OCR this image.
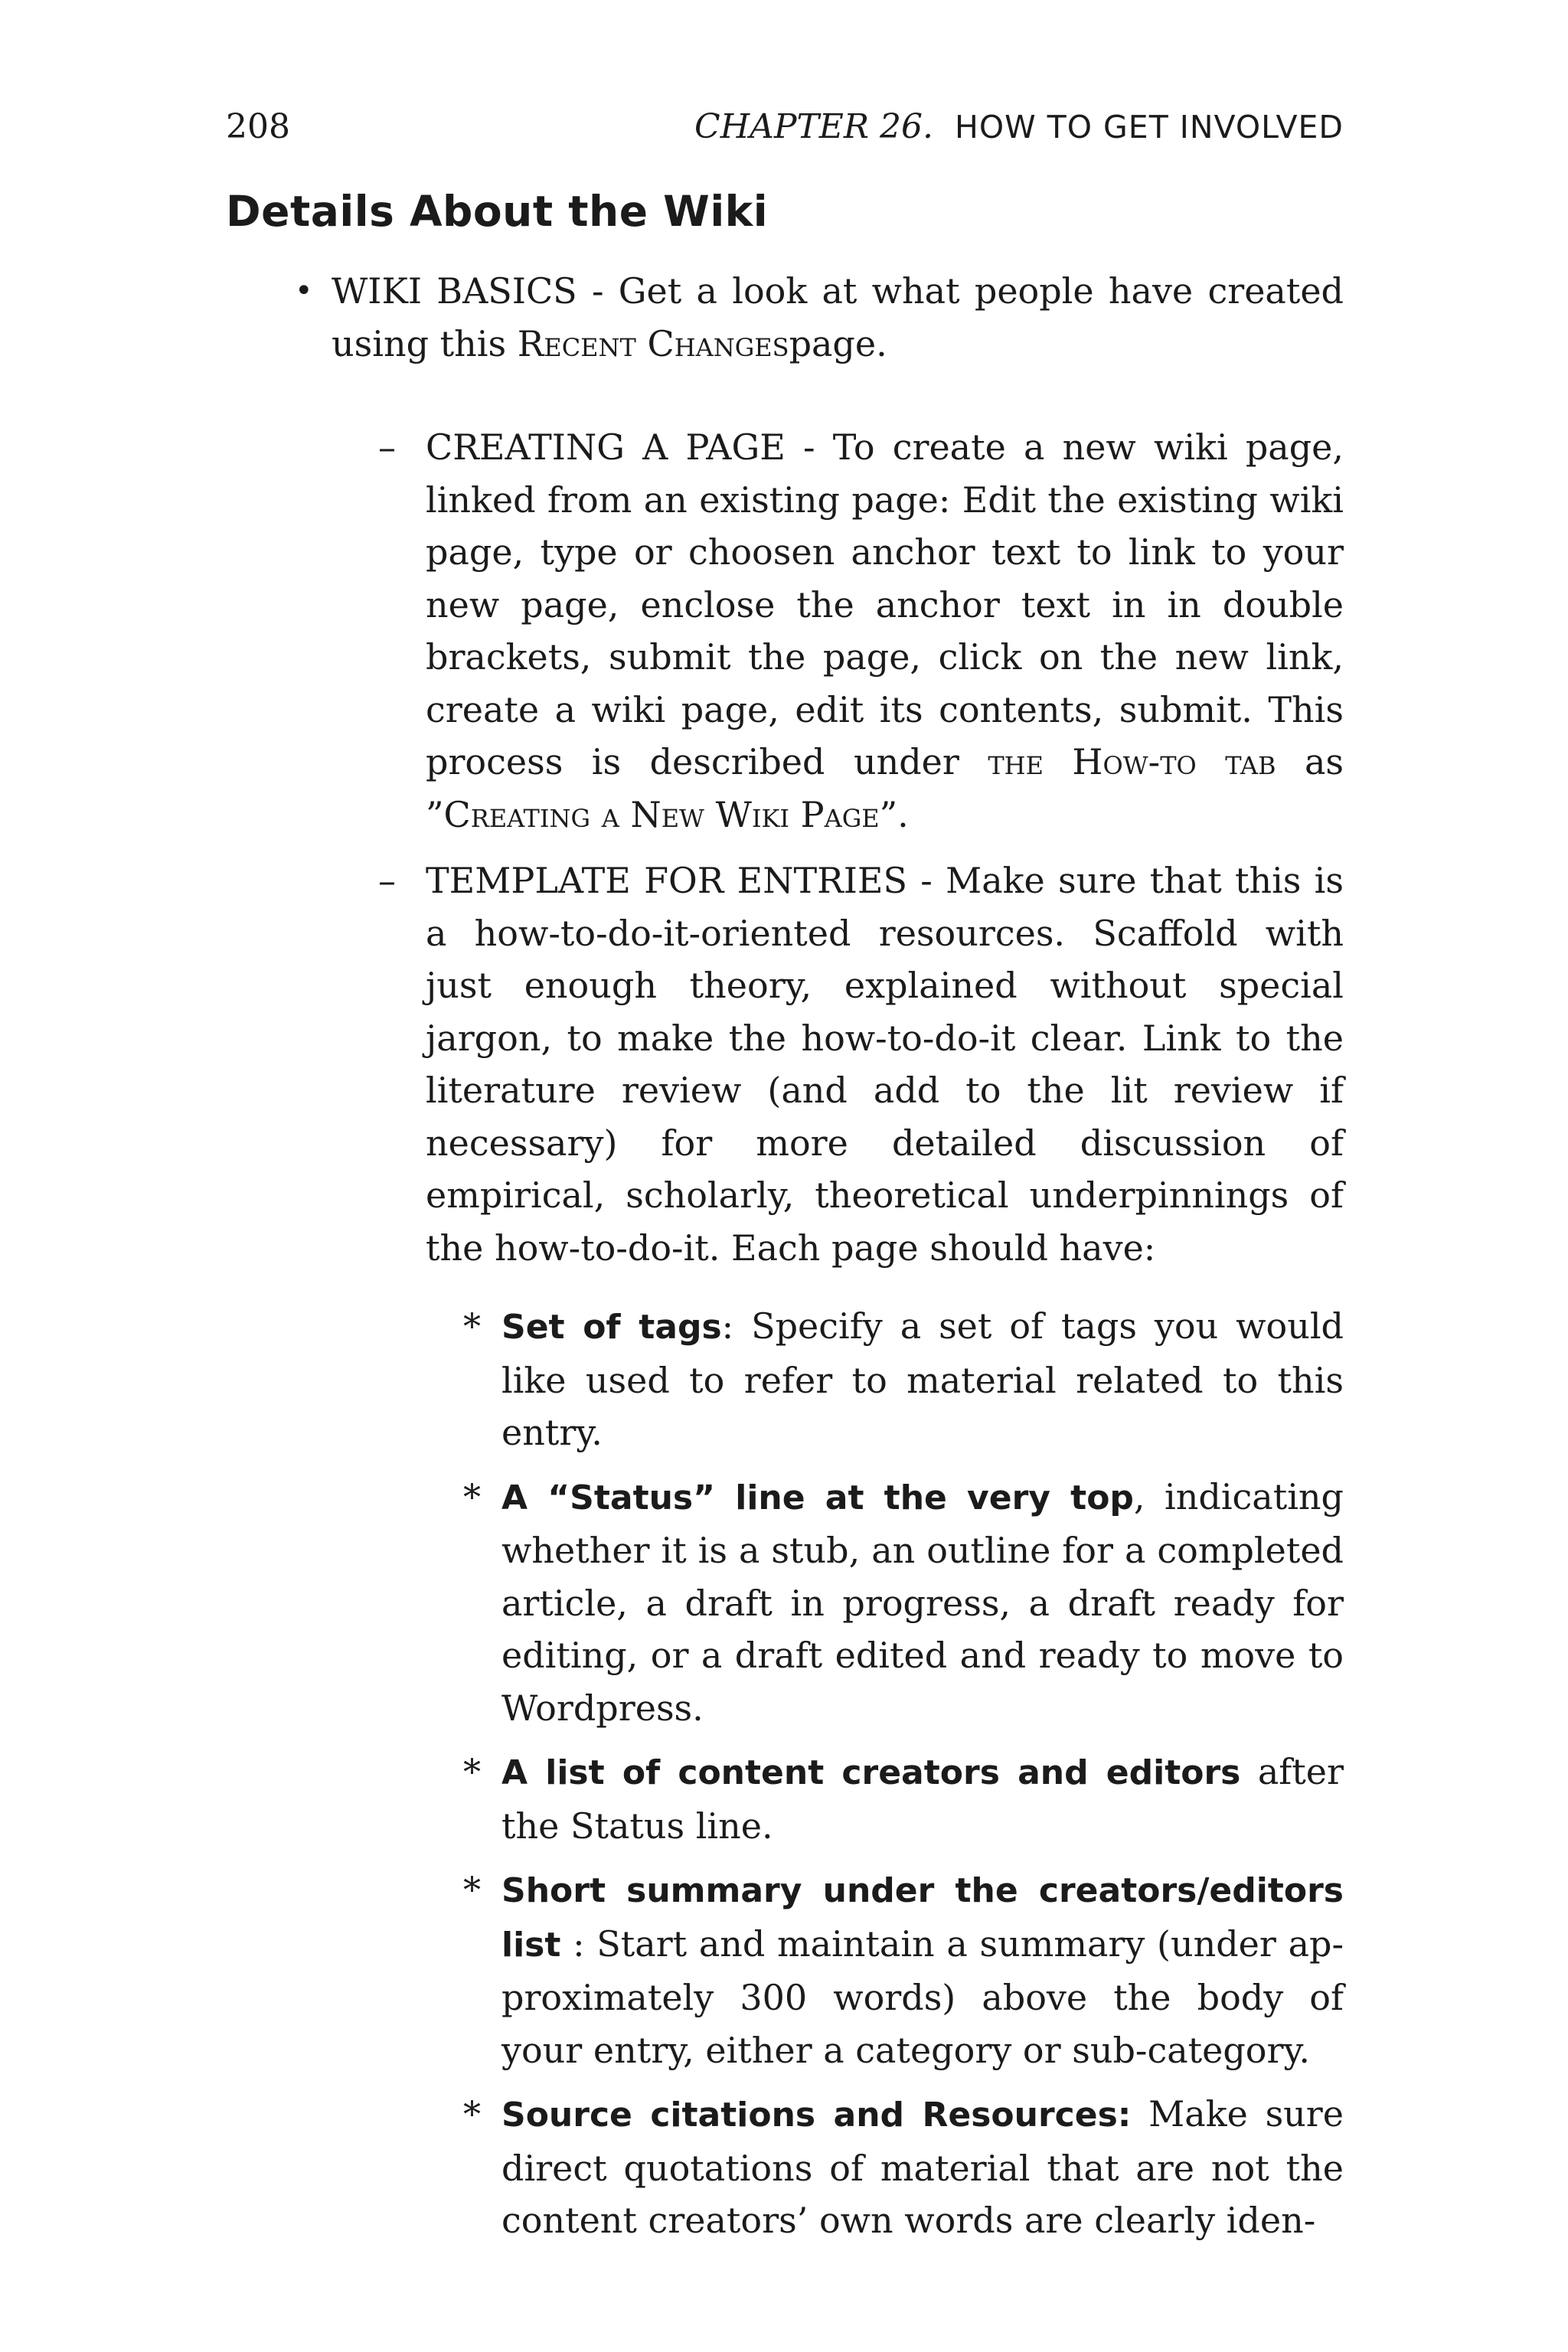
208	CHAPTER 26. HOW TO GET INVOLVED
Details About the Wiki
• WIKI BASICS - Get a look at what people have created using this Recent Changespage.
– CREATING A PAGE - To create a new wiki page, linked from an existing page: Edit the existing wiki page, type or choosen anchor text to link to your new page, enclose the anchor text in in double brackets, submit the page, click on the new link, create a wiki page, edit its contents, submit. This process is described under the How-to tab as ”Creating a New Wiki Page”.
– TEMPLATE FOR ENTRIES - Make sure that this is a how-to-do-it-oriented resources. Scaffold with just enough theory, explained without special jargon, to make the how-to-do-it clear. Link to the literature review (and add to the lit review if necessary) for more detailed discussion of empirical, scholarly, theoretical underpinnings of the how-to-do-it. Each page should have:
* Set of tags: Specify a set of tags you would like used to refer to material related to this entry.
* A “Status” line at the very top, indicating whether it is a stub, an outline for a completed article, a draft in progress, a draft ready for editing, or a draft edited and ready to move to Wordpress.
* A list of content creators and editors after the Status line.
* Short summary under the creators/editors list : Start and maintain a summary (under approximately 300 words) above the body of your entry, either a category or sub-category.
* Source citations and Resources: Make sure direct quotations of material that are not the content creators’ own words are clearly iden-
